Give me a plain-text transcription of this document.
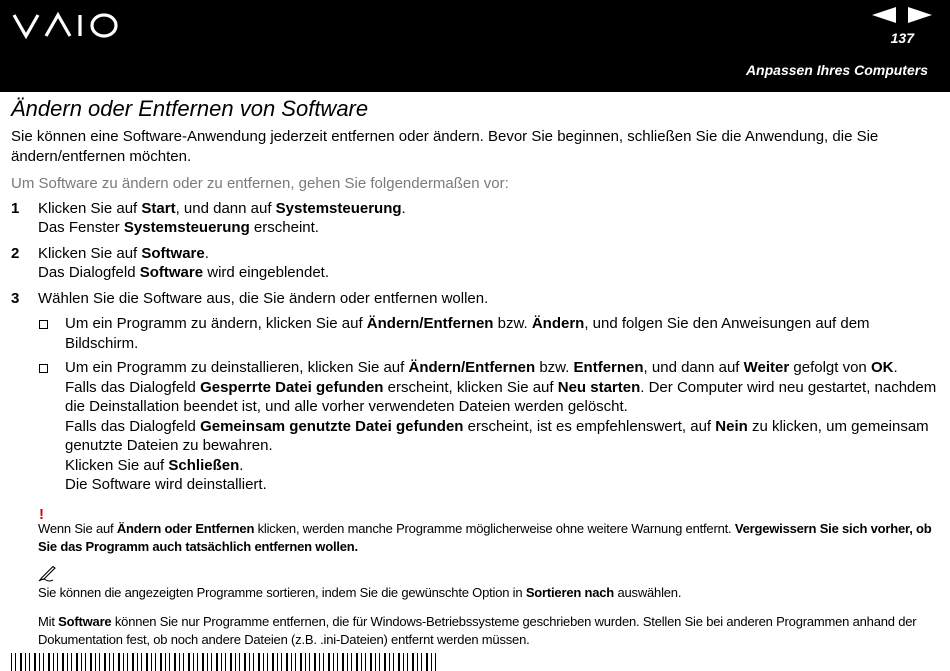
137
Anpassen Ihres Computers
Ändern oder Entfernen von Software

Sie können eine Software-Anwendung jederzeit entfernen oder ändern. Bevor Sie beginnen, schließen Sie die Anwendung, die Sie ändern/entfernen möchten.

Um Software zu ändern oder zu entfernen, gehen Sie folgendermaßen vor:

1 Klicken Sie auf Start, und dann auf Systemsteuerung.

Das Fenster Systemsteuerung erscheint.

2 Klicken Sie auf Software.

Das Dialogfeld Software wird eingeblendet.

3 Wählen Sie die Software aus, die Sie ändern oder entfernen wollen.

Um ein Programm zu ändern, klicken Sie auf Ändern/Entfernen bzw. Ändern, und folgen Sie den Anweisungen auf dem Bildschirm.

Um ein Programm zu deinstallieren, klicken Sie auf Ändern/Entfernen bzw. Entfernen, und dann auf Weiter gefolgt von OK.

Falls das Dialogfeld Gesperrte Datei gefunden erscheint, klicken Sie auf Neu starten. Der Computer wird neu gestartet, nachdem die Deinstallation beendet ist, und alle vorher verwendeten Dateien werden gelöscht.

Falls das Dialogfeld Gemeinsam genutzte Datei gefunden erscheint, ist es empfehlenswert, auf Nein zu klicken, um gemeinsam genutzte Dateien zu bewahren.

Klicken Sie auf Schließen.

Die Software wird deinstalliert.

!
Wenn Sie auf Ändern oder Entfernen klicken, werden manche Programme möglicherweise ohne weitere Warnung entfernt. Vergewissern Sie sich vorher, ob Sie das Programm auch tatsächlich entfernen wollen.
Sie können die angezeigten Programme sortieren, indem Sie die gewünschte Option in Sortieren nach auswählen.
Mit Software können Sie nur Programme entfernen, die für Windows-Betriebssysteme geschrieben wurden. Stellen Sie bei anderen Programmen anhand der Dokumentation fest, ob noch andere Dateien (z.B. .ini-Dateien) entfernt werden müssen.
